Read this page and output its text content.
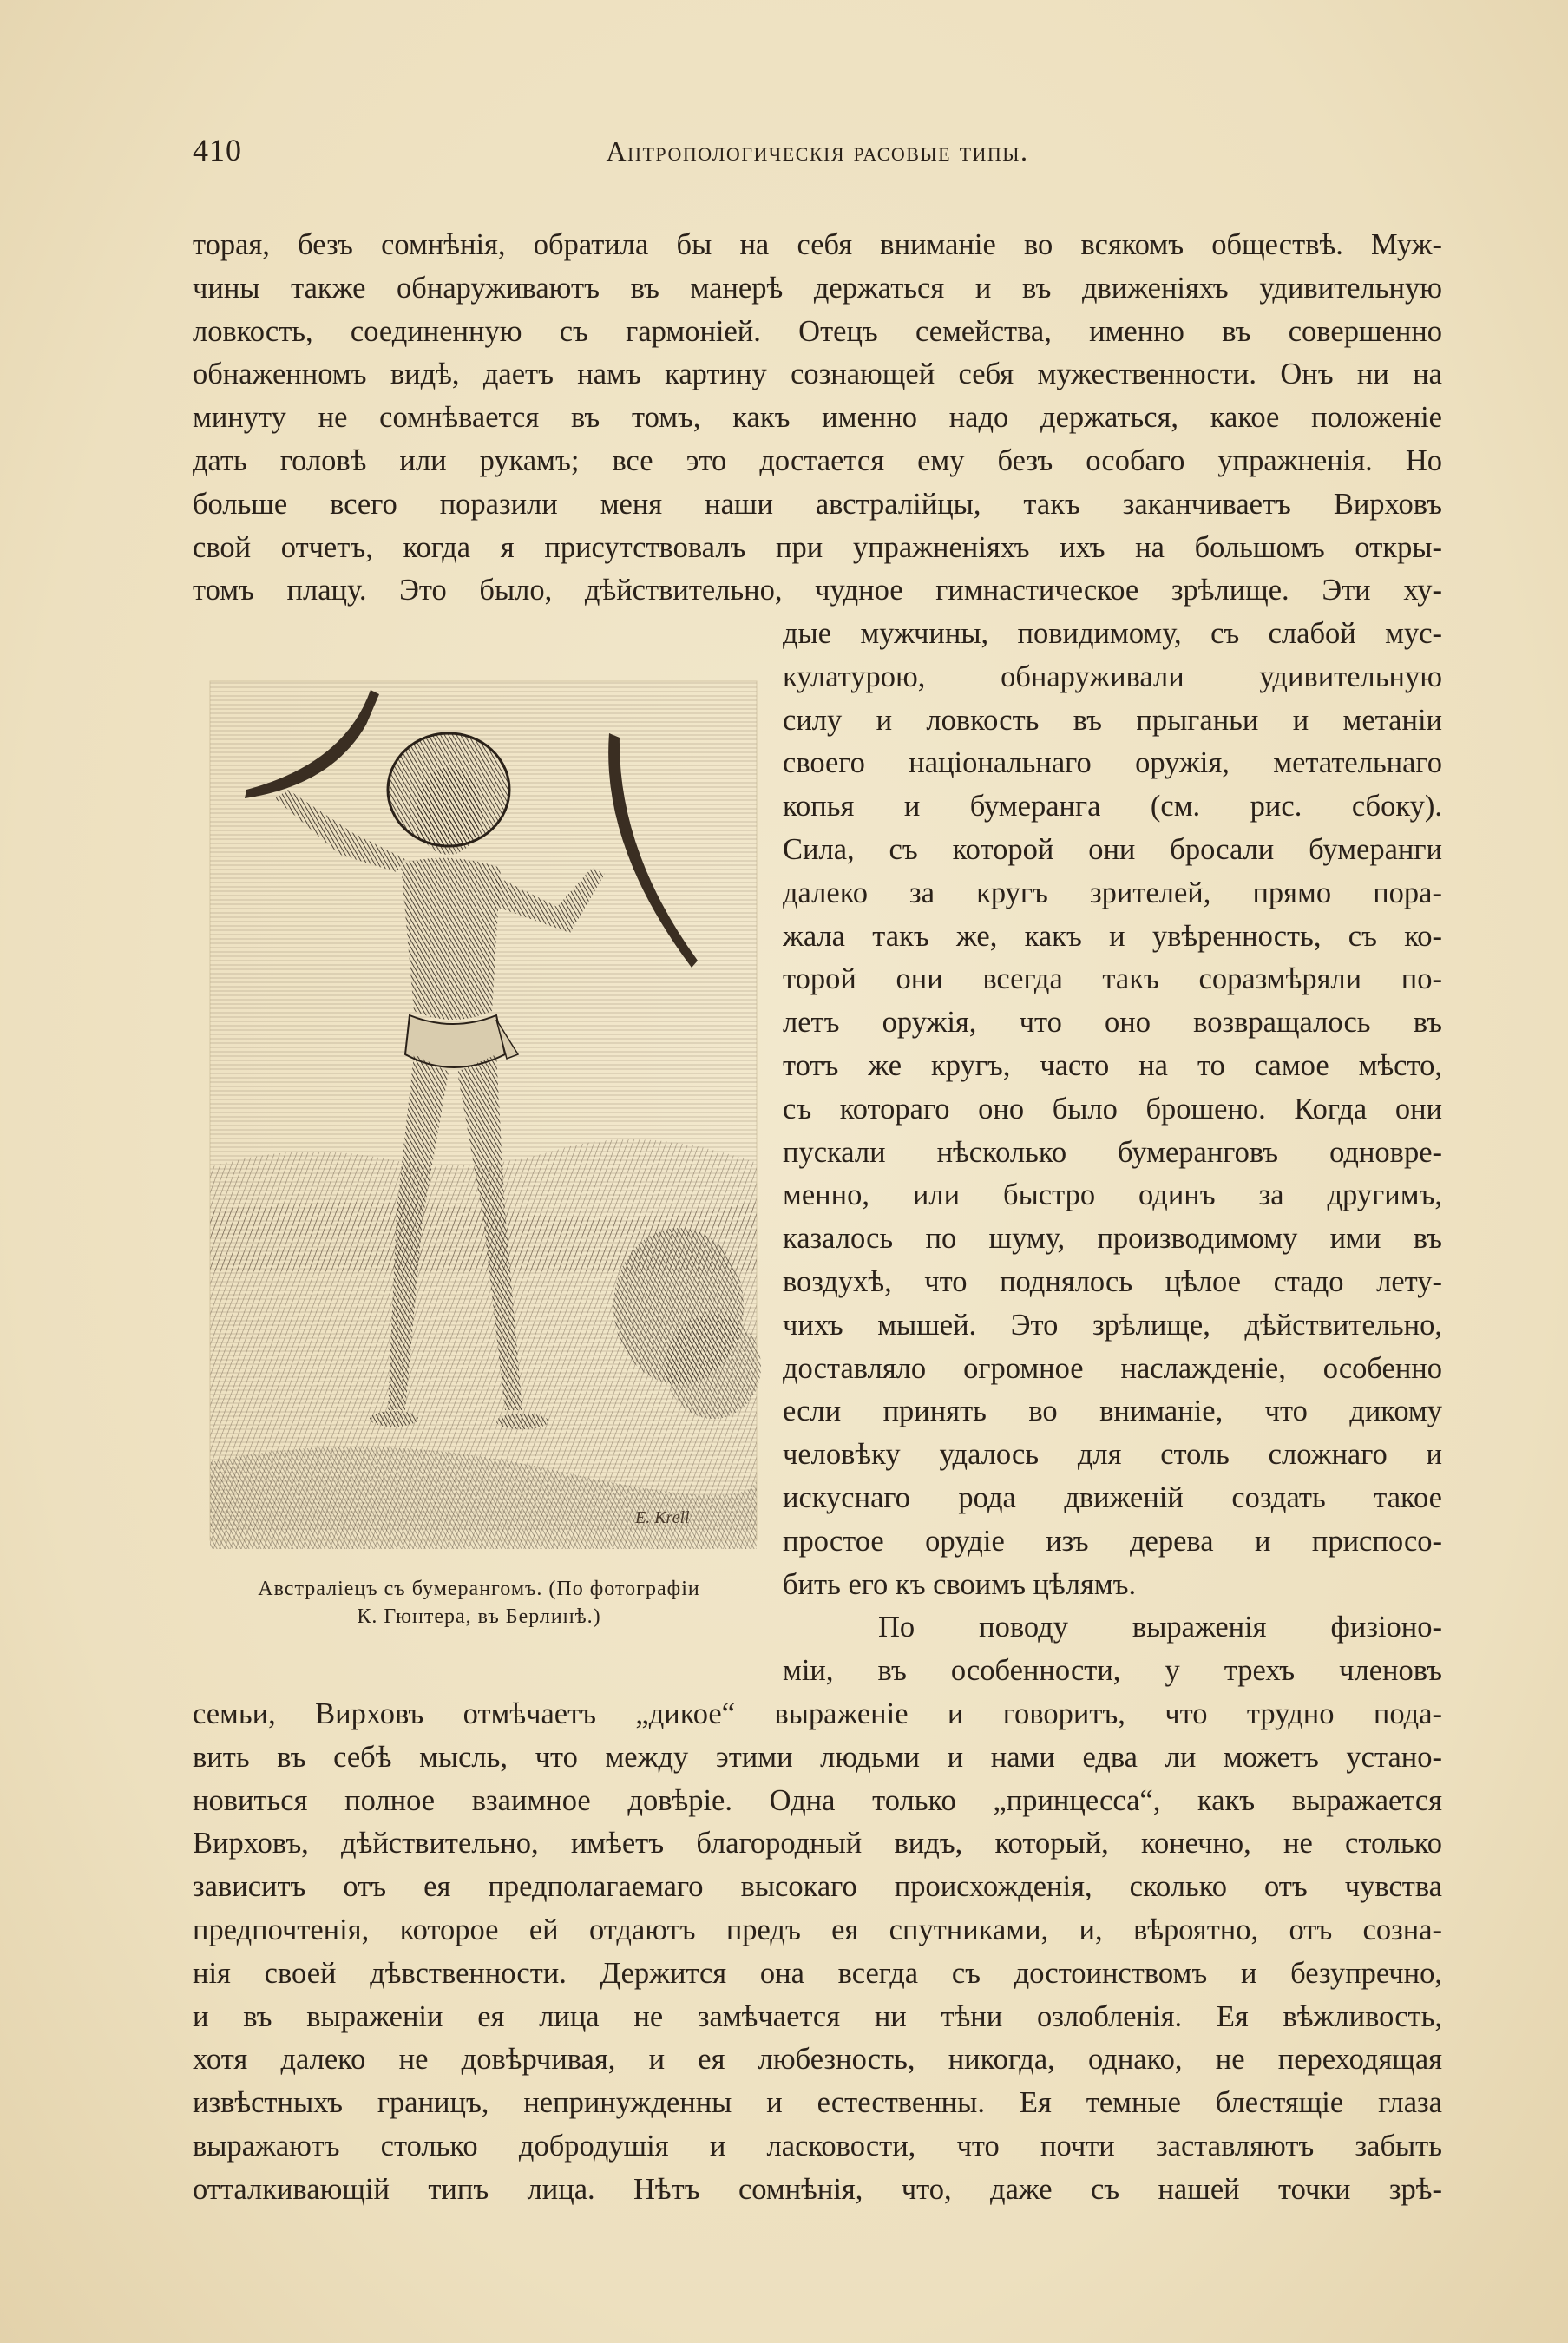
410	Антропологическія расовые типы.
торая, безъ сомнѣнія, обратила бы на себя вниманіе во всякомъ обществѣ. Муж-
чины также обнаруживаютъ въ манерѣ держаться и въ движеніяхъ удивительную
ловкость, соединенную съ гармоніей. Отецъ семейства, именно въ совершенно
обнаженномъ видѣ, даетъ намъ картину сознающей себя мужественности. Онъ ни на
минуту не сомнѣвается въ томъ, какъ именно надо держаться, какое положеніе
дать головѣ или рукамъ; все это достается ему безъ особаго упражненія. Но
больше всего поразили меня наши австралійцы, такъ заканчиваетъ Вирховъ
свой отчетъ, когда я присутствовалъ при упражненіяхъ ихъ на большомъ откры-
томъ плацу. Это было, дѣйствительно, чудное гимнастическое зрѣлище. Эти ху-
дые мужчины, повидимому, съ слабой мус-
кулатурою, обнаруживали удивительную
силу и ловкость въ прыганьи и метаніи
своего національнаго оружія, метательнаго
копья и бумеранга (см. рис. сбоку).
Сила, съ которой они бросали бумеранги
далеко за кругъ зрителей, прямо пора-
жала такъ же, какъ и увѣренность, съ ко-
торой они всегда такъ соразмѣряли по-
летъ оружія, что оно возвращалось въ
тотъ же кругъ, часто на то самое мѣсто,
съ котораго оно было брошено. Когда они
пускали нѣсколько бумеранговъ одновре-
менно, или быстро одинъ за другимъ,
казалось по шуму, производимому ими въ
воздухѣ, что поднялось цѣлое стадо лету-
чихъ мышей. Это зрѣлище, дѣйствительно,
доставляло огромное наслажденіе, особенно
если принять во вниманіе, что дикому
человѣку удалось для столь сложнаго и
искуснаго рода движеній создать такое
простое орудіе изъ дерева и приспосо-
бить его къ своимъ цѣлямъ.
По поводу выраженія физіоно-
міи, въ особенности, у трехъ членовъ
семьи, Вирховъ отмѣчаетъ „дикое“ выраженіе и говоритъ, что трудно пода-
вить въ себѣ мысль, что между этими людьми и нами едва ли можетъ устано-
новиться полное взаимное довѣріе. Одна только „принцесса“, какъ выражается
Вирховъ, дѣйствительно, имѣетъ благородный видъ, который, конечно, не столько
зависитъ отъ ея предполагаемаго высокаго происхожденія, сколько отъ чувства
предпочтенія, которое ей отдаютъ предъ ея спутниками, и, вѣроятно, отъ созна-
нія своей дѣвственности. Держится она всегда съ достоинствомъ и безупречно,
и въ выраженіи ея лица не замѣчается ни тѣни озлобленія. Ея вѣжливость,
хотя далеко не довѣрчивая, и ея любезность, никогда, однако, не переходящая
извѣстныхъ границъ, непринужденны и естественны. Ея темные блестящіе глаза
выражаютъ столько добродушія и ласковости, что почти заставляютъ забыть
отталкивающій типъ лица. Нѣтъ сомнѣнія, что, даже съ нашей точки зрѣ-
E. Krell
Австраліецъ съ бумерангомъ. (По фотографіи
К. Гюнтера, въ Берлинѣ.)
